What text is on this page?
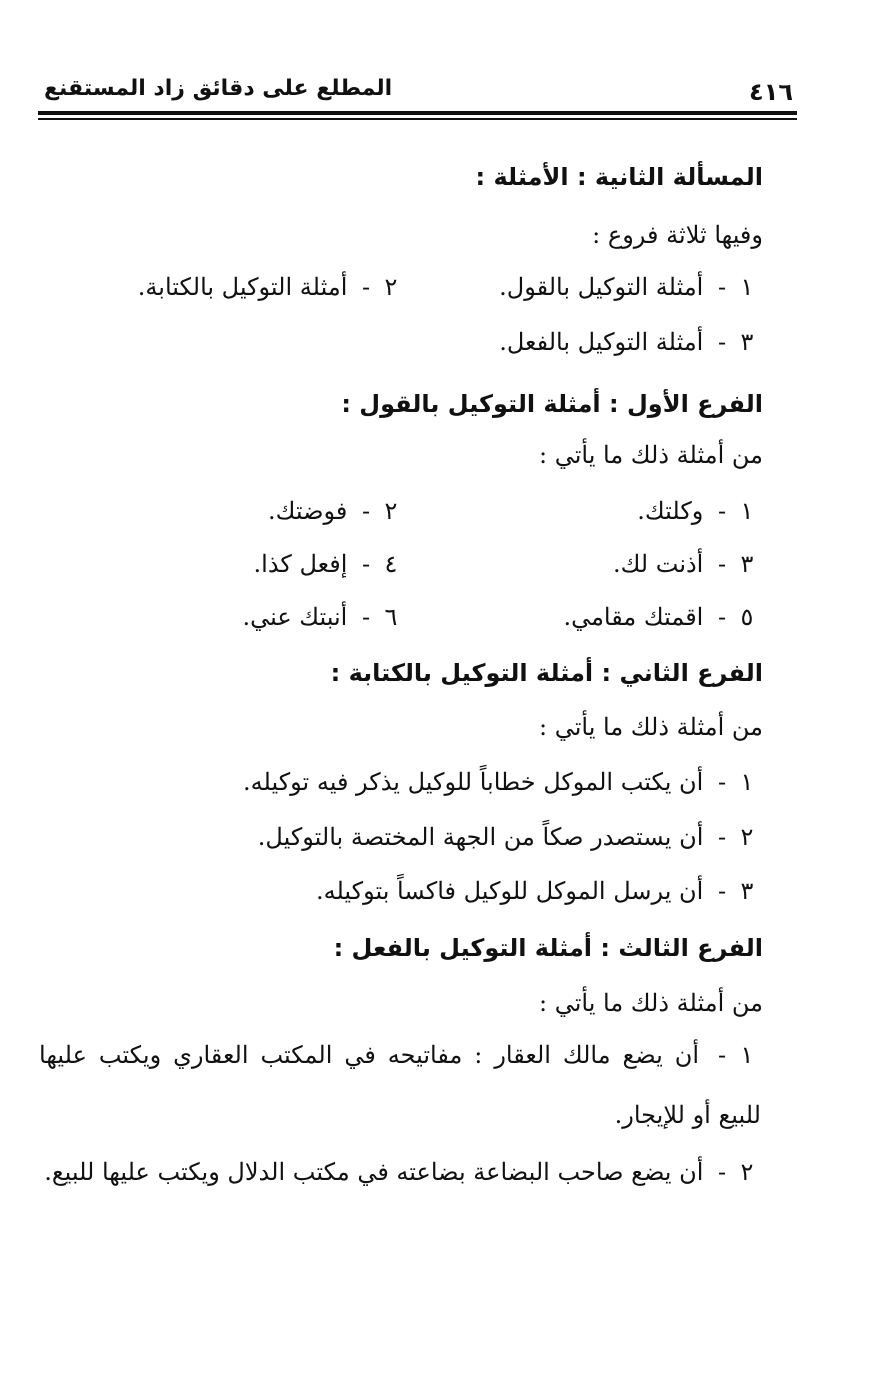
٤١٦
المطلع على دقائق زاد المستقنع
المسألة الثانية : الأمثلة :
وفيها ثلاثة فروع :
١- أمثلة التوكيل بالقول.
٢- أمثلة التوكيل بالكتابة.
٣- أمثلة التوكيل بالفعل.
الفرع الأول : أمثلة التوكيل بالقول :
من أمثلة ذلك ما يأتي :
١- وكلتك.
٢- فوضتك.
٣- أذنت لك.
٤- إفعل كذا.
٥- اقمتك مقامي.
٦- أنبتك عني.
الفرع الثاني : أمثلة التوكيل بالكتابة :
من أمثلة ذلك ما يأتي :
١- أن يكتب الموكل خطاباً للوكيل يذكر فيه توكيله.
٢- أن يستصدر صكاً من الجهة المختصة بالتوكيل.
٣- أن يرسل الموكل للوكيل فاكساً بتوكيله.
الفرع الثالث : أمثلة التوكيل بالفعل :
من أمثلة ذلك ما يأتي :
١- أن يضع مالك العقار : مفاتيحه في المكتب العقاري ويكتب عليها للبيع أو للإيجار.
٢- أن يضع صاحب البضاعة بضاعته في مكتب الدلال ويكتب عليها للبيع.
